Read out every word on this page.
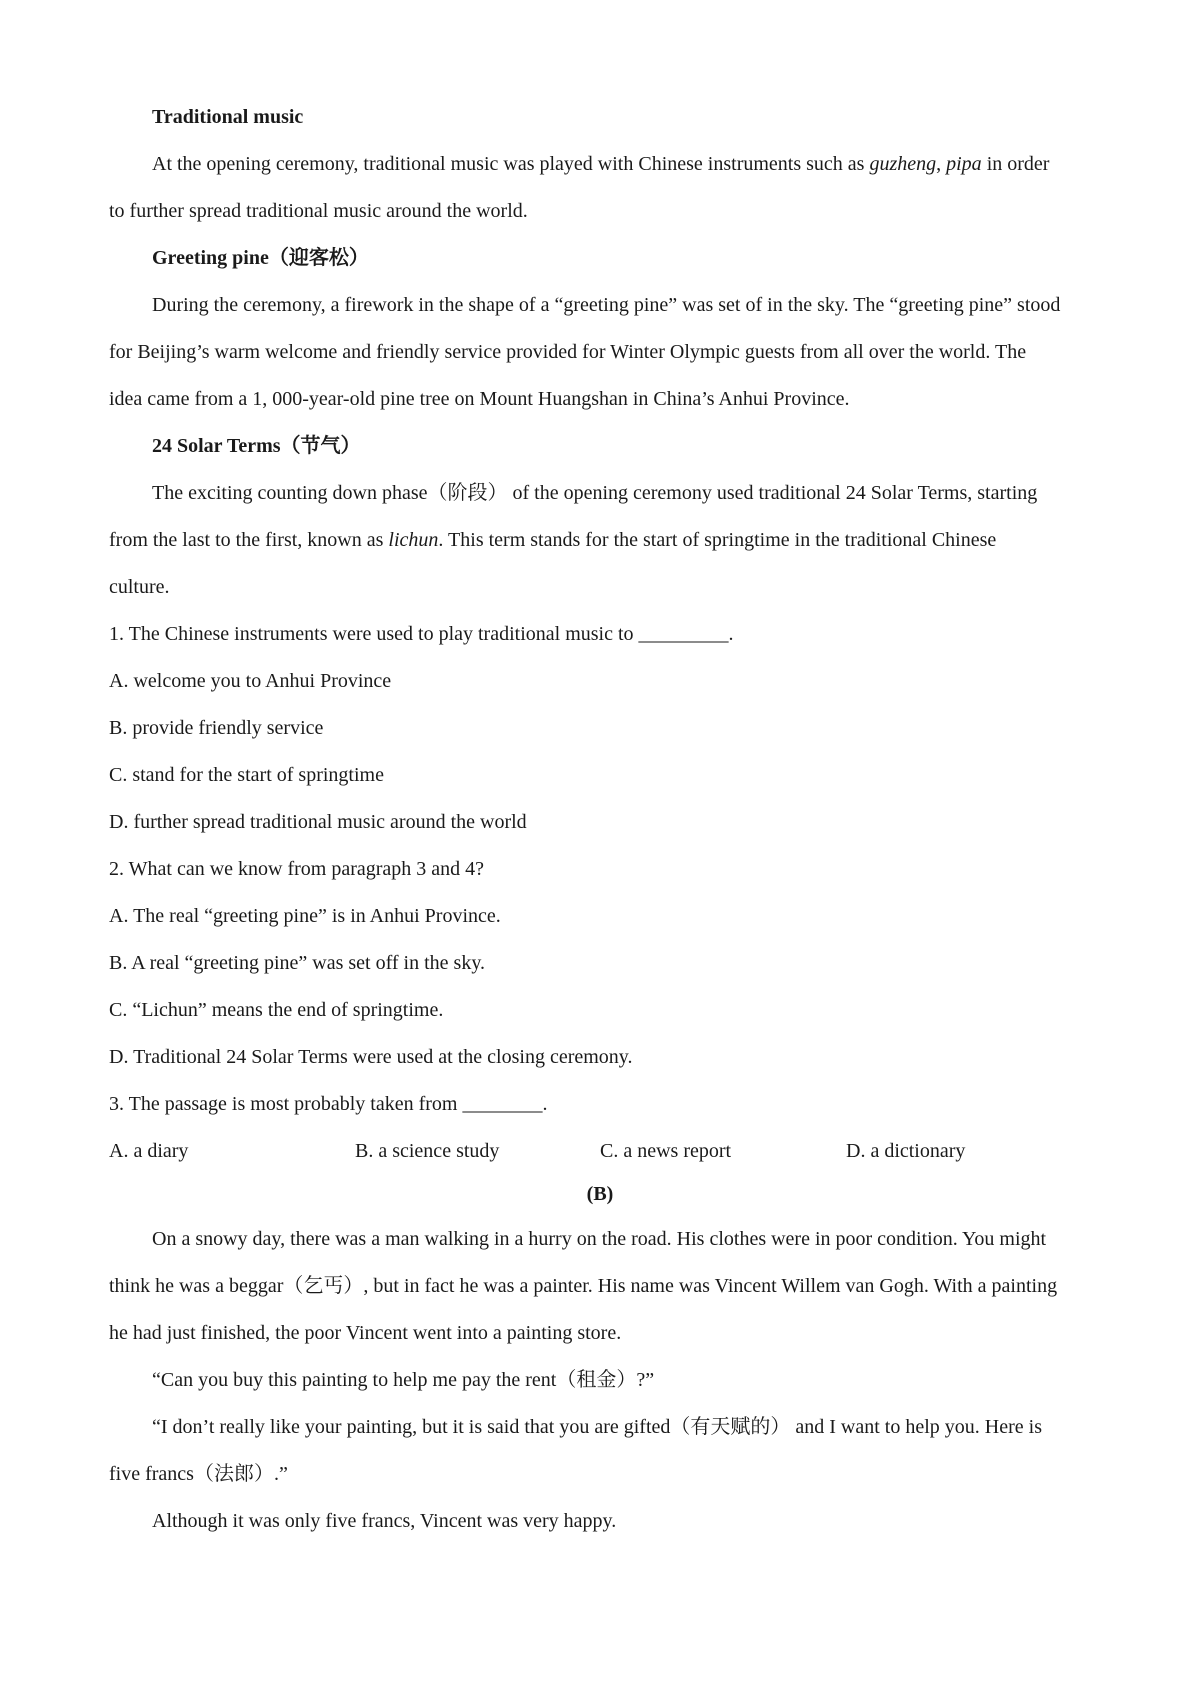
Traditional music

At the opening ceremony, traditional music was played with Chinese instruments such as guzheng, pipa in order

to further spread traditional music around the world.

Greeting pine（迎客松）

During the ceremony, a firework in the shape of a “greeting pine” was set of in the sky. The “greeting pine” stood

for Beijing’s warm welcome and friendly service provided for Winter Olympic guests from all over the world. The

idea came from a 1, 000-year-old pine tree on Mount Huangshan in China’s Anhui Province.

24 Solar Terms（节气）

The exciting counting down phase（阶段） of the opening ceremony used traditional 24 Solar Terms, starting

from the last to the first, known as lichun. This term stands for the start of springtime in the traditional Chinese

culture.

1. The Chinese instruments were used to play traditional music to _________.

A. welcome you to Anhui Province

B. provide friendly service

C. stand for the start of springtime

D. further spread traditional music around the world

2. What can we know from paragraph 3 and 4?

A. The real “greeting pine” is in Anhui Province.

B. A real “greeting pine” was set off in the sky.

C. “Lichun” means the end of springtime.

D. Traditional 24 Solar Terms were used at the closing ceremony.

3. The passage is most probably taken from ________.

A. a diary	B. a science study	C. a news report	D. a dictionary
(B)

On a snowy day, there was a man walking in a hurry on the road. His clothes were in poor condition. You might

think he was a beggar（乞丐）, but in fact he was a painter. His name was Vincent Willem van Gogh. With a painting

he had just finished, the poor Vincent went into a painting store.

“Can you buy this painting to help me pay the rent（租金）?”

“I don’t really like your painting, but it is said that you are gifted（有天赋的） and I want to help you. Here is

five francs（法郎）.”

Although it was only five francs, Vincent was very happy.
